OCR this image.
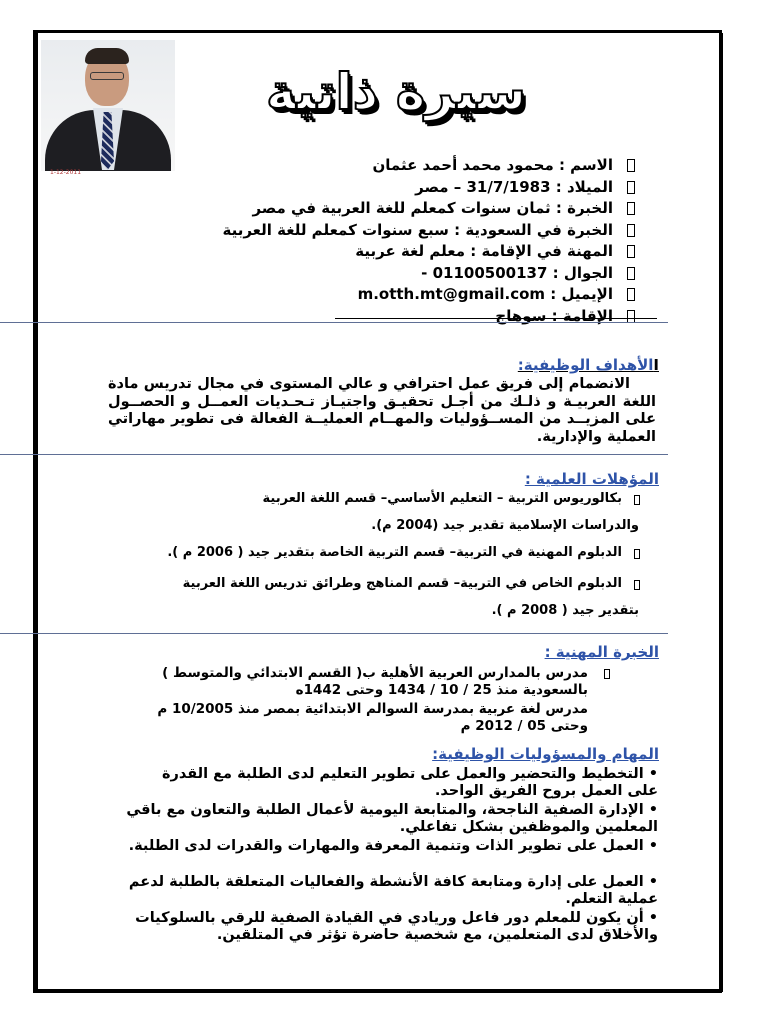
1-12-2011
سيرة ذاتية
الاسم : محمود محمد أحمد عثمان
الميلاد : 31/7/1983 – مصر
الخبرة : ثمان سنوات كمعلم للغة العربية في مصر
الخبرة في السعودية : سبع سنوات كمعلم للغة العربية
المهنة في الإقامة : معلم لغة عربية
الجوال : 01100500137 -
الإيميل : m.otth.mt@gmail.com
الإقامة : سوهاج
Iالأهداف الوظيفية:
الانضمام إلى فريق عمل احترافي و عالي المستوى في مجال تدريس مادة اللغة العربيـة و ذلـك من أجـل تحقيـق واجتيـاز تـحـديات العمــل و الحصــول على المزيــد من المســؤوليات والمهــام العمليــة الفعالة فى تطوير مهاراتي العملية والإدارية.
المؤهلات العلمية :
بكالوريوس التربية – التعليم الأساسي– قسم اللغة العربية
والدراسات الإسلامية تقدير جيد (2004 م).
الدبلوم المهنية في التربية– قسم التربية الخاصة بتقدير جيد ( 2006 م ).
الدبلوم الخاص في التربية– قسم المناهج وطرائق تدريس اللغة العربية
بتقدير جيد ( 2008 م ).
الخبرة المهنية :
مدرس بالمدارس العربية الأهلية ب( القسم الابتدائي والمتوسط ) بالسعودية منذ 25 / 10 / 1434 وحتى 1442ه
مدرس لغة عربية بمدرسة السوالم الابتدائية بمصر منذ 10/2005 م وحتى 05 / 2012 م
المهام والمسؤوليات الوظيفية:
• التخطيط والتحضير والعمل على تطوير التعليم لدى الطلبة مع القدرة على العمل بروح الفريق الواحد.
• الإدارة الصفية الناجحة، والمتابعة اليومية لأعمال الطلبة والتعاون مع باقي المعلمين والموظفين بشكل تفاعلي.
• العمل على تطوير الذات وتنمية المعرفة والمهارات والقدرات لدى الطلبة.
• العمل على إدارة ومتابعة كافة الأنشطة والفعاليات المتعلقة بالطلبة لدعم عملية التعلم.
• أن يكون للمعلم دور فاعل وريادي في القيادة الصفية للرقي بالسلوكيات والأخلاق لدى المتعلمين، مع شخصية حاضرة تؤثر في المتلقين.
